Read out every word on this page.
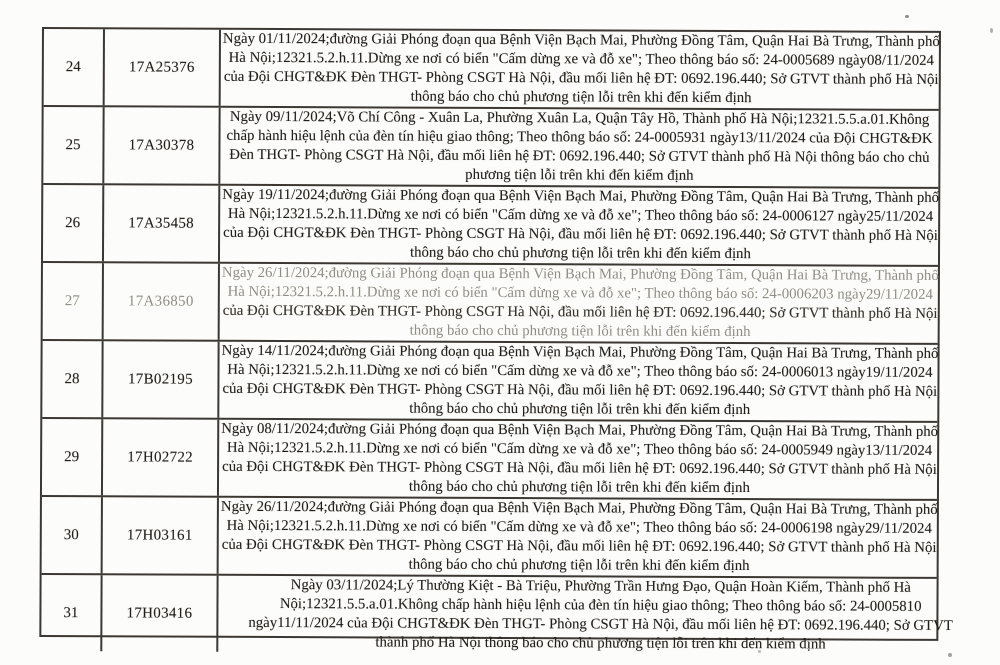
24	17A25376
Ngày 01/11/2024;đường Giải Phóng đoạn qua Bệnh Viện Bạch Mai, Phường Đồng Tâm, Quận Hai Bà Trưng, Thành phố
Hà Nội;12321.5.2.h.11.Dừng xe nơi có biển "Cấm dừng xe và đỗ xe"; Theo thông báo số: 24-0005689 ngày08/11/2024
của Đội CHGT&ĐK Đèn THGT- Phòng CSGT Hà Nội, đầu mối liên hệ ĐT: 0692.196.440; Sở GTVT thành phố Hà Nội
thông báo cho chủ phương tiện lỗi trên khi đến kiểm định
25	17A30378
Ngày 09/11/2024;Võ Chí Công - Xuân La, Phường Xuân La, Quận Tây Hồ, Thành phố Hà Nội;12321.5.5.a.01.Không
chấp hành hiệu lệnh của đèn tín hiệu giao thông; Theo thông báo số: 24-0005931 ngày13/11/2024 của Đội CHGT&ĐK
Đèn THGT- Phòng CSGT Hà Nội, đầu mối liên hệ ĐT: 0692.196.440; Sở GTVT thành phố Hà Nội thông báo cho chủ
phương tiện lỗi trên khi đến kiểm định
26	17A35458
Ngày 19/11/2024;đường Giải Phóng đoạn qua Bệnh Viện Bạch Mai, Phường Đồng Tâm, Quận Hai Bà Trưng, Thành phố
Hà Nội;12321.5.2.h.11.Dừng xe nơi có biển "Cấm dừng xe và đỗ xe"; Theo thông báo số: 24-0006127 ngày25/11/2024
của Đội CHGT&ĐK Đèn THGT- Phòng CSGT Hà Nội, đầu mối liên hệ ĐT: 0692.196.440; Sở GTVT thành phố Hà Nội
thông báo cho chủ phương tiện lỗi trên khi đến kiểm định
27	17A36850
Ngày 26/11/2024;đường Giải Phóng đoạn qua Bệnh Viện Bạch Mai, Phường Đồng Tâm, Quận Hai Bà Trưng, Thành phố
Hà Nội;12321.5.2.h.11.Dừng xe nơi có biển "Cấm dừng xe và đỗ xe"; Theo thông báo số: 24-0006203 ngày29/11/2024
của Đội CHGT&ĐK Đèn THGT- Phòng CSGT Hà Nội, đầu mối liên hệ ĐT: 0692.196.440; Sở GTVT thành phố Hà Nội
thông báo cho chủ phương tiện lỗi trên khi đến kiểm định
28	17B02195
Ngày 14/11/2024;đường Giải Phóng đoạn qua Bệnh Viện Bạch Mai, Phường Đồng Tâm, Quận Hai Bà Trưng, Thành phố
Hà Nội;12321.5.2.h.11.Dừng xe nơi có biển "Cấm dừng xe và đỗ xe"; Theo thông báo số: 24-0006013 ngày19/11/2024
của Đội CHGT&ĐK Đèn THGT- Phòng CSGT Hà Nội, đầu mối liên hệ ĐT: 0692.196.440; Sở GTVT thành phố Hà Nội
thông báo cho chủ phương tiện lỗi trên khi đến kiểm định
29	17H02722
Ngày 08/11/2024;đường Giải Phóng đoạn qua Bệnh Viện Bạch Mai, Phường Đồng Tâm, Quận Hai Bà Trưng, Thành phố
Hà Nội;12321.5.2.h.11.Dừng xe nơi có biển "Cấm dừng xe và đỗ xe"; Theo thông báo số: 24-0005949 ngày13/11/2024
của Đội CHGT&ĐK Đèn THGT- Phòng CSGT Hà Nội, đầu mối liên hệ ĐT: 0692.196.440; Sở GTVT thành phố Hà Nội
thông báo cho chủ phương tiện lỗi trên khi đến kiểm định
30	17H03161
Ngày 26/11/2024;đường Giải Phóng đoạn qua Bệnh Viện Bạch Mai, Phường Đồng Tâm, Quận Hai Bà Trưng, Thành phố
Hà Nội;12321.5.2.h.11.Dừng xe nơi có biển "Cấm dừng xe và đỗ xe"; Theo thông báo số: 24-0006198 ngày29/11/2024
của Đội CHGT&ĐK Đèn THGT- Phòng CSGT Hà Nội, đầu mối liên hệ ĐT: 0692.196.440; Sở GTVT thành phố Hà Nội
thông báo cho chủ phương tiện lỗi trên khi đến kiểm định
31	17H03416
Ngày 03/11/2024;Lý Thường Kiệt - Bà Triệu, Phường Trần Hưng Đạo, Quận Hoàn Kiếm, Thành phố Hà
Nội;12321.5.5.a.01.Không chấp hành hiệu lệnh của đèn tín hiệu giao thông; Theo thông báo số: 24-0005810
ngày11/11/2024 của Đội CHGT&ĐK Đèn THGT- Phòng CSGT Hà Nội, đầu mối liên hệ ĐT: 0692.196.440; Sở GTVT
thành phố Hà Nội thông báo cho chủ phương tiện lỗi trên khi đến kiểm định
